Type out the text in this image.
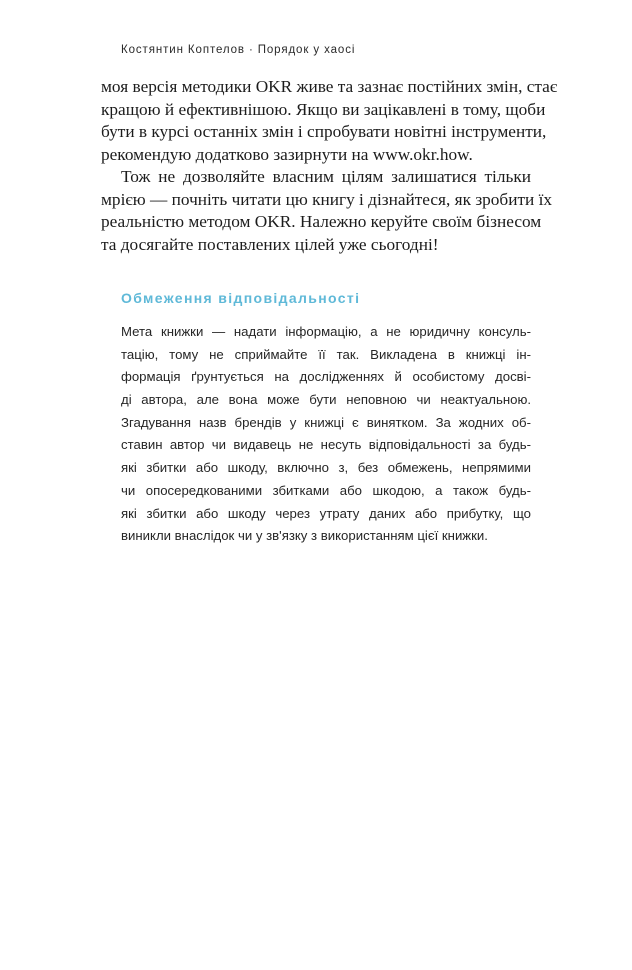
Костянтин Коптелов · Порядок у хаосі
моя версія методики OKR живе та зазнає постійних змін, стає
кращою й ефективнішою. Якщо ви зацікавлені в тому, щоби
бути в курсі останніх змін і спробувати новітні інструменти,
рекомендую додатково зазирнути на www.okr.how.
Тож не дозволяйте власним цілям залишатися тільки
мрією — почніть читати цю книгу і дізнайтеся, як зробити їх
реальністю методом OKR. Належно керуйте своїм бізнесом
та досягайте поставлених цілей уже сьогодні!
Обмеження відповідальності
Мета книжки — надати інформацію, а не юридичну консуль-
тацію, тому не сприймайте її так. Викладена в книжці ін-
формація ґрунтується на дослідженнях й особистому досві-
ді автора, але вона може бути неповною чи неактуальною.
Згадування назв брендів у книжці є винятком. За жодних об-
ставин автор чи видавець не несуть відповідальності за будь-
які збитки або шкоду, включно з, без обмежень, непрямими
чи опосередкованими збитками або шкодою, а також будь-
які збитки або шкоду через утрату даних або прибутку, що
виникли внаслідок чи у зв'язку з використанням цієї книжки.
